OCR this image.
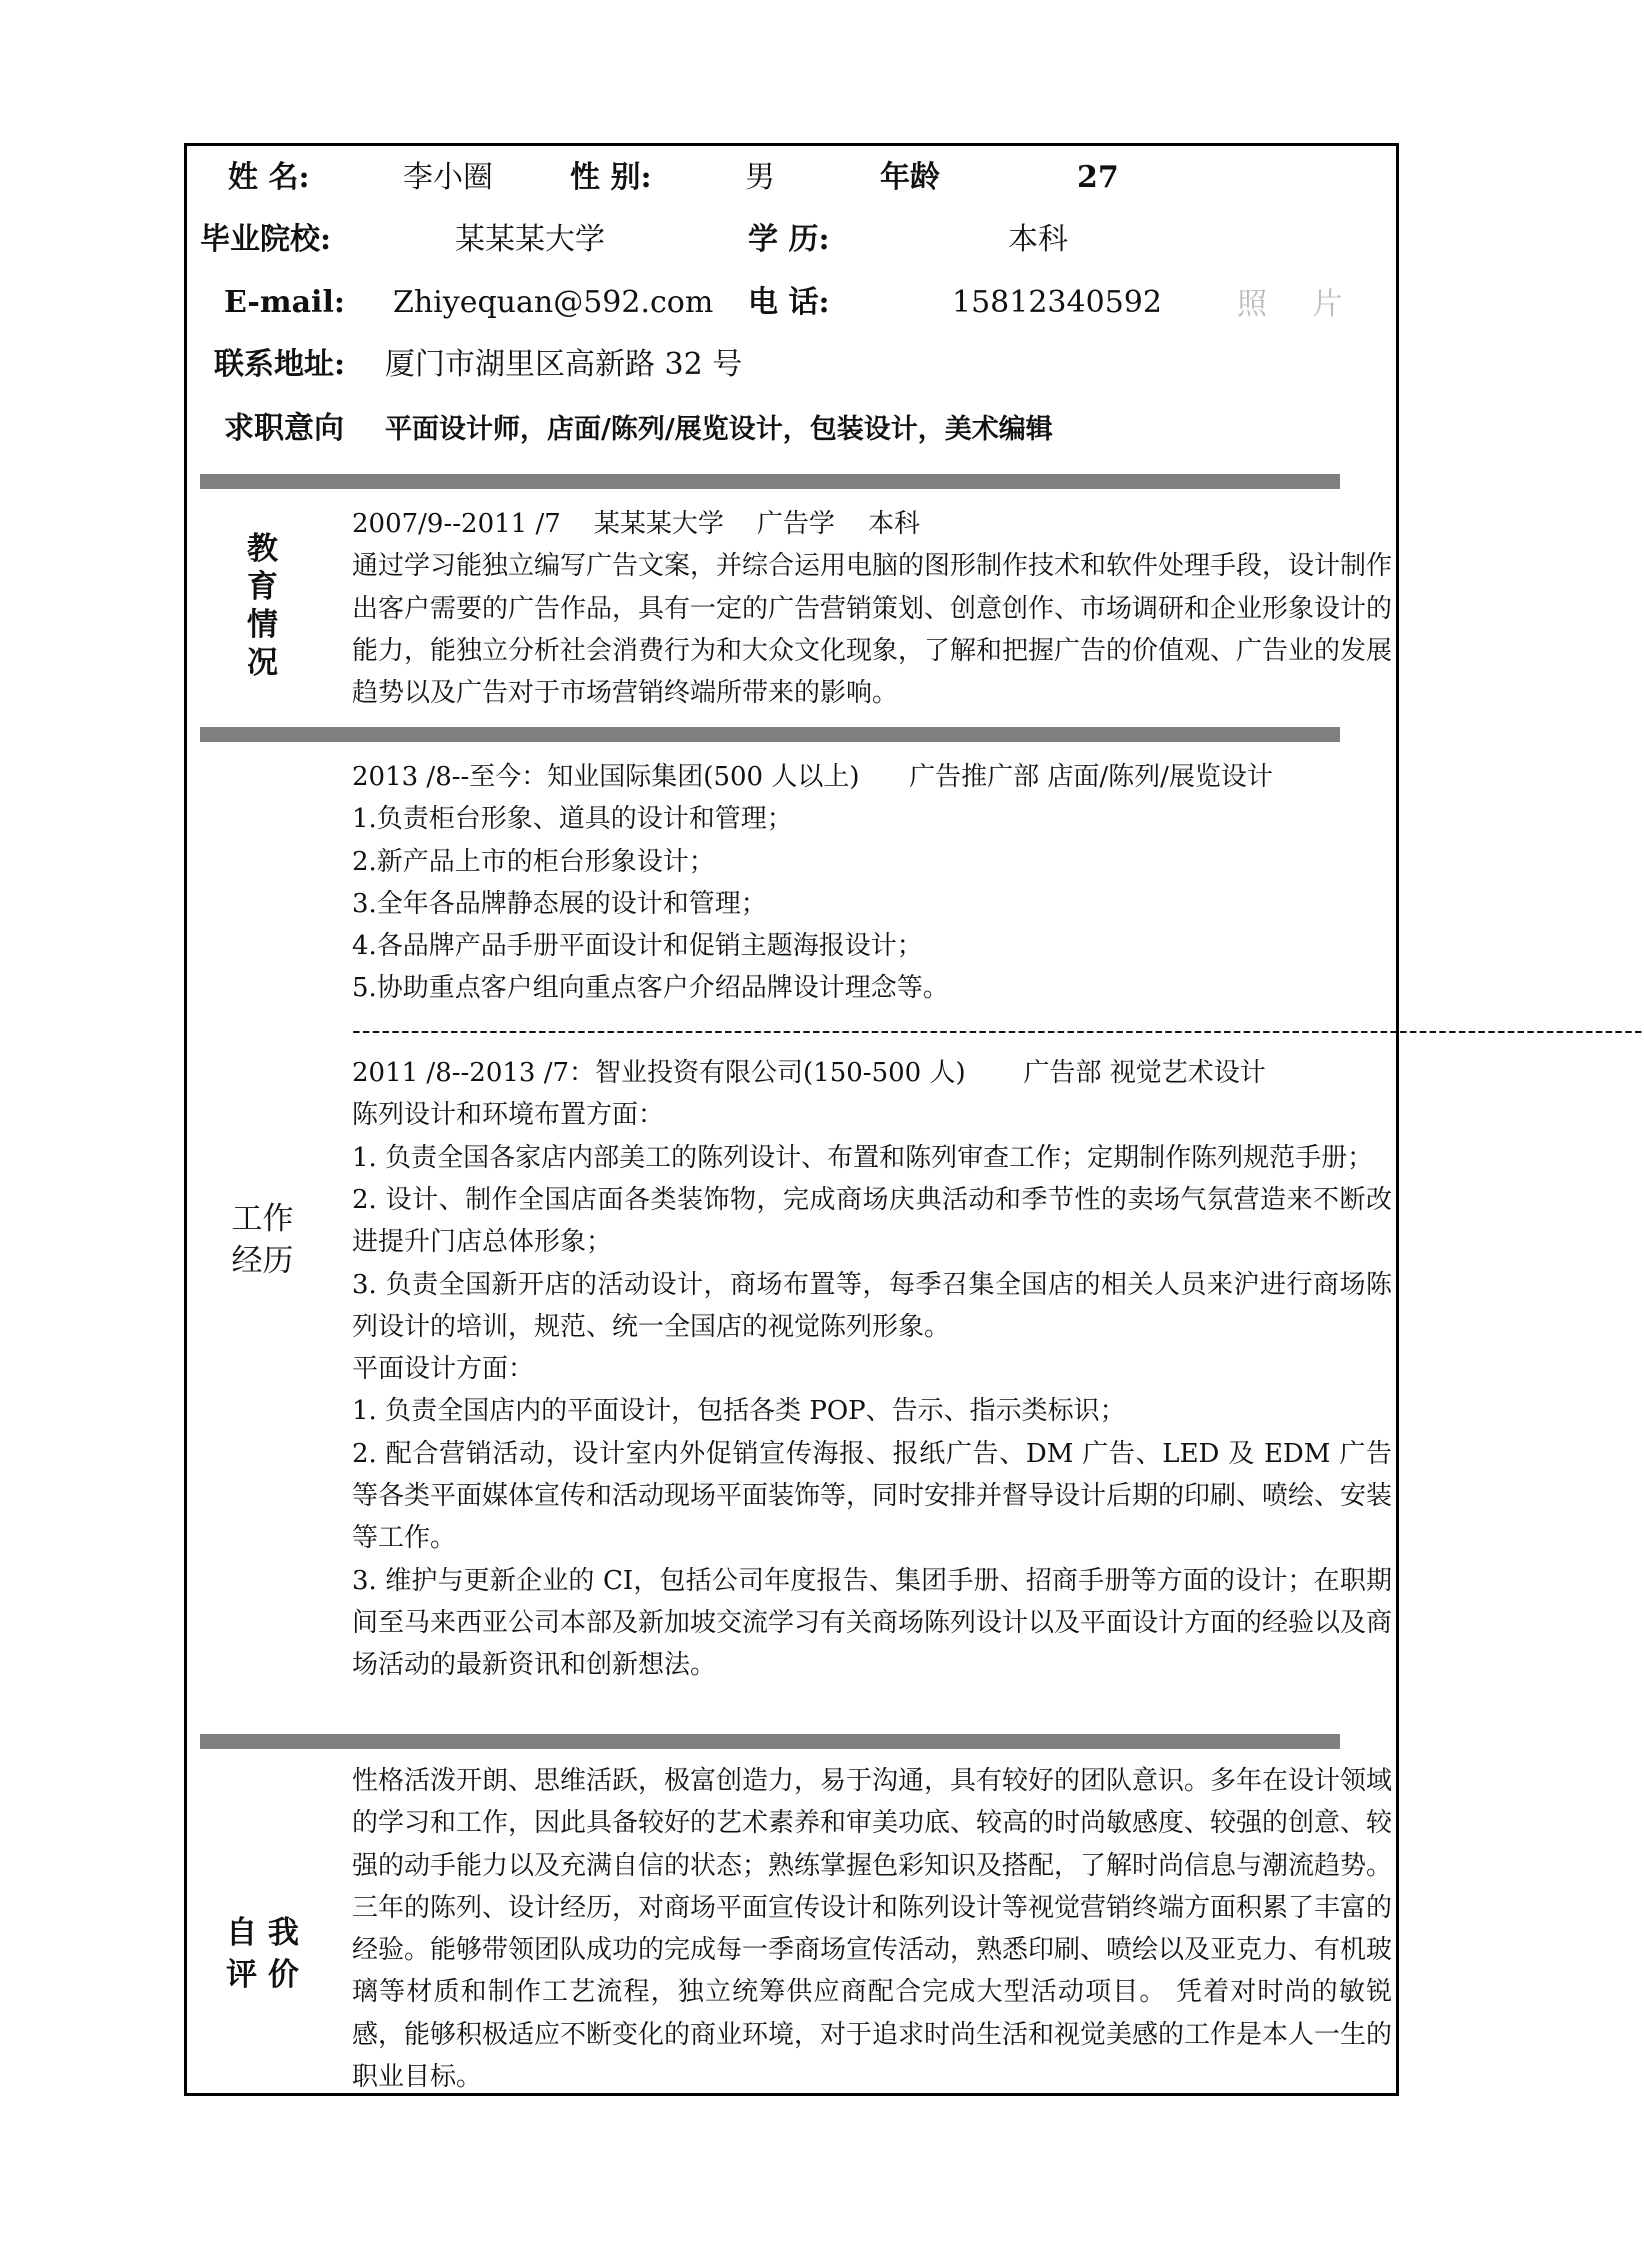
姓 名:	李小圈	性 别:	男	年龄	27
毕业院校:	某某某大学	学 历:	本科
E-mail: Zhiyequan@592.com 电 话:	15812340592	照 片
联系地址: 厦门市湖里区高新路 32 号
求职意向 平面设计师，店面/陈列/展览设计，包装设计，美术编辑
教
育
情
况

2007/9--2011 /7    某某某大学    广告学    本科

通过学习能独立编写广告文案，并综合运用电脑的图形制作技术和软件处理手段，设计制作出客户需要的广告作品，具有一定的广告营销策划、创意创作、市场调研和企业形象设计的能力，能独立分析社会消费行为和大众文化现象，了解和把握广告的价值观、广告业的发展趋势以及广告对于市场营销终端所带来的影响。

工作
经历

2013 /8--至今：知业国际集团(500 人以上)      广告推广部 店面/陈列/展览设计

1.负责柜台形象、道具的设计和管理；

2.新产品上市的柜台形象设计；

3.全年各品牌静态展的设计和管理；

4.各品牌产品手册平面设计和促销主题海报设计；

5.协助重点客户组向重点客户介绍品牌设计理念等。

------------------------------------------------------------------------------------------------------------------------------------

2011 /8--2013 /7：智业投资有限公司(150-500 人)       广告部 视觉艺术设计

陈列设计和环境布置方面：

1. 负责全国各家店内部美工的陈列设计、布置和陈列审查工作；定期制作陈列规范手册；

2. 设计、制作全国店面各类装饰物，完成商场庆典活动和季节性的卖场气氛营造来不断改进提升门店总体形象；

3. 负责全国新开店的活动设计，商场布置等，每季召集全国店的相关人员来沪进行商场陈列设计的培训，规范、统一全国店的视觉陈列形象。

平面设计方面：

1. 负责全国店内的平面设计，包括各类 POP、告示、指示类标识；

2. 配合营销活动，设计室内外促销宣传海报、报纸广告、DM 广告、LED 及 EDM 广告等各类平面媒体宣传和活动现场平面装饰等，同时安排并督导设计后期的印刷、喷绘、安装等工作。

3. 维护与更新企业的 CI，包括公司年度报告、集团手册、招商手册等方面的设计；在职期间至马来西亚公司本部及新加坡交流学习有关商场陈列设计以及平面设计方面的经验以及商场活动的最新资讯和创新想法。

自 我
评 价

性格活泼开朗、思维活跃，极富创造力，易于沟通，具有较好的团队意识。多年在设计领域的学习和工作，因此具备较好的艺术素养和审美功底、较高的时尚敏感度、较强的创意、较强的动手能力以及充满自信的状态；熟练掌握色彩知识及搭配，了解时尚信息与潮流趋势。

三年的陈列、设计经历，对商场平面宣传设计和陈列设计等视觉营销终端方面积累了丰富的经验。能够带领团队成功的完成每一季商场宣传活动，熟悉印刷、喷绘以及亚克力、有机玻璃等材质和制作工艺流程，独立统筹供应商配合完成大型活动项目。 凭着对时尚的敏锐感，能够积极适应不断变化的商业环境，对于追求时尚生活和视觉美感的工作是本人一生的职业目标。
